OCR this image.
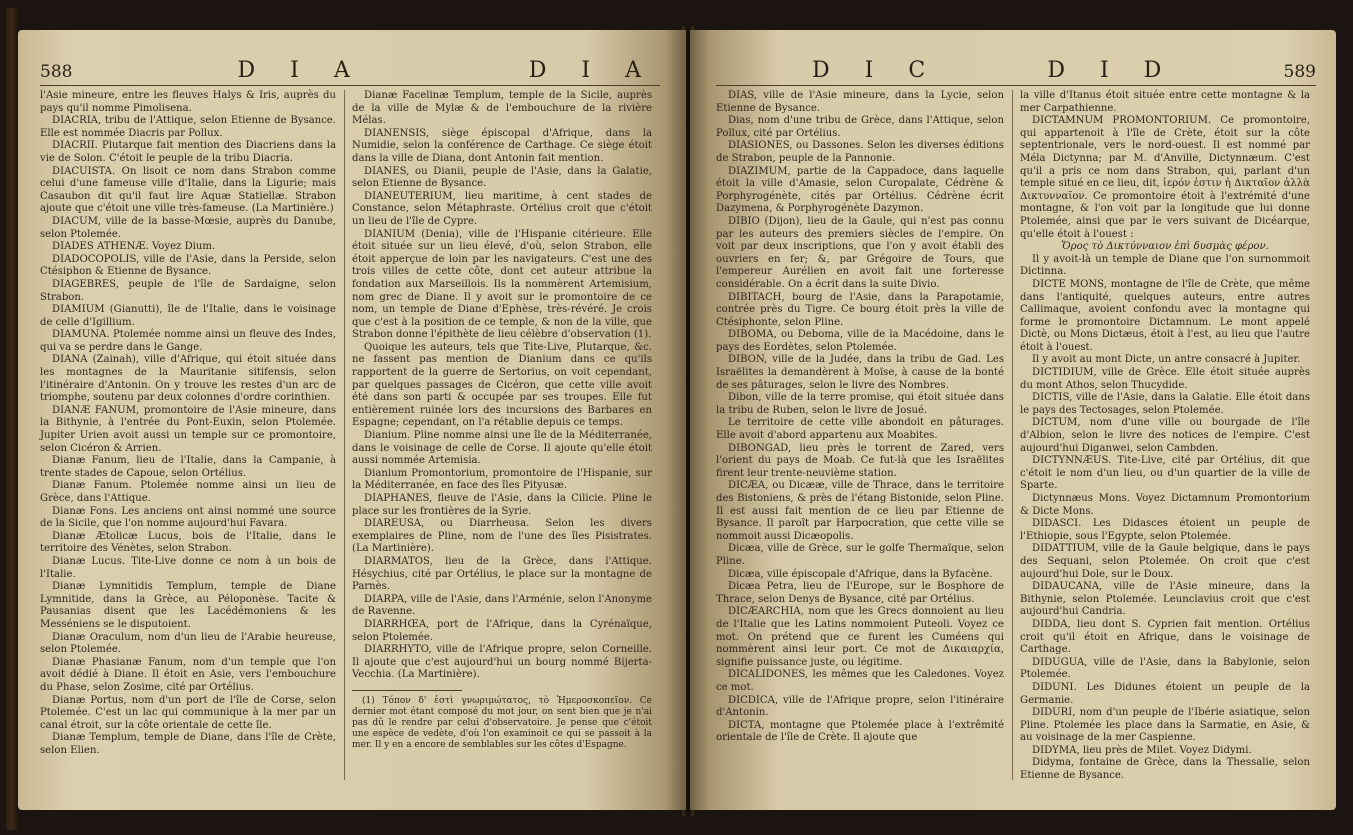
588	D I A	D I A

l'Asie mineure, entre les fleuves Halys & Iris, auprès du pays qu'il nomme Pimolisena.

DIACRIA, tribu de l'Attique, selon Etienne de Bysance. Elle est nommée Diacris par Pollux.

DIACRII. Plutarque fait mention des Diacriens dans la vie de Solon. C'étoit le peuple de la tribu Diacria.

DIACUISTA. On lisoit ce nom dans Strabon comme celui d'une fameuse ville d'Italie, dans la Ligurie; mais Casaubon dit qu'il faut lire Aquæ Statiellæ. Strabon ajoute que c'étoit une ville très-fameuse. (La Martinière.)

DIACUM, ville de la basse-Mœsie, auprès du Danube, selon Ptolemée.

DIADES ATHENÆ. Voyez Dium.

DIADOCOPOLIS, ville de l'Asie, dans la Perside, selon Ctésiphon & Etienne de Bysance.

DIAGEBRES, peuple de l'île de Sardaigne, selon Strabon.

DIAMIUM (Gianutti), île de l'Italie, dans le voisinage de celle d'Igillium.

DIAMUNA. Ptolemée nomme ainsi un fleuve des Indes, qui va se perdre dans le Gange.

DIANA (Zainah), ville d'Afrique, qui étoit située dans les montagnes de la Mauritanie sitifensis, selon l'itinéraire d'Antonin. On y trouve les restes d'un arc de triomphe, soutenu par deux colonnes d'ordre corinthien.

DIANÆ FANUM, promontoire de l'Asie mineure, dans la Bithynie, à l'entrée du Pont-Euxin, selon Ptolemée. Jupiter Urien avoit aussi un temple sur ce promontoire, selon Cicéron & Arrien.

Dianæ Fanum, lieu de l'Italie, dans la Campanie, à trente stades de Capoue, selon Ortélius.

Dianæ Fanum. Ptolemée nomme ainsi un lieu de Grèce, dans l'Attique.

Dianæ Fons. Les anciens ont ainsi nommé une source de la Sicile, que l'on nomme aujourd'hui Favara.

Dianæ Ætolicæ Lucus, bois de l'Italie, dans le territoire des Vénètes, selon Strabon.

Dianæ Lucus. Tite-Live donne ce nom à un bois de l'Italie.

Dianæ Lymnitidis Templum, temple de Diane Lymnitide, dans la Grèce, au Péloponèse. Tacite & Pausanias disent que les Lacédémoniens & les Messéniens se le disputoient.

Dianæ Oraculum, nom d'un lieu de l'Arabie heureuse, selon Ptolemée.

Dianæ Phasianæ Fanum, nom d'un temple que l'on avoit dédié à Diane. Il étoit en Asie, vers l'embouchure du Phase, selon Zosime, cité par Ortélius.

Dianæ Portus, nom d'un port de l'île de Corse, selon Ptolemée. C'est un lac qui communique à la mer par un canal étroit, sur la côte orientale de cette île.

Dianæ Templum, temple de Diane, dans l'île de Crète, selon Elien.

Dianæ Facelinæ Templum, temple de la Sicile, auprès de la ville de Mylæ & de l'embouchure de la rivière Mélas.

DIANENSIS, siège épiscopal d'Afrique, dans la Numidie, selon la conférence de Carthage. Ce siège étoit dans la ville de Diana, dont Antonin fait mention.

DIANES, ou Dianii, peuple de l'Asie, dans la Galatie, selon Etienne de Bysance.

DIANEUTERIUM, lieu maritime, à cent stades de Constance, selon Métaphraste. Ortélius croit que c'étoit un lieu de l'île de Cypre.

DIANIUM (Denia), ville de l'Hispanie citérieure. Elle étoit située sur un lieu élevé, d'où, selon Strabon, elle étoit apperçue de loin par les navigateurs. C'est une des trois villes de cette côte, dont cet auteur attribue la fondation aux Marseillois. Ils la nommèrent Artemisium, nom grec de Diane. Il y avoit sur le promontoire de ce nom, un temple de Diane d'Ephèse, très-révéré. Je crois que c'est à la position de ce temple, & non de la ville, que Strabon donne l'épithète de lieu célèbre d'observation (1).

Quoique les auteurs, tels que Tite-Live, Plutarque, &c. ne fassent pas mention de Dianium dans ce qu'ils rapportent de la guerre de Sertorius, on voit cependant, par quelques passages de Cicéron, que cette ville avoit été dans son parti & occupée par ses troupes. Elle fut entièrement ruinée lors des incursions des Barbares en Espagne; cependant, on l'a rétablie depuis ce temps.

Dianium. Pline nomme ainsi une île de la Méditerranée, dans le voisinage de celle de Corse. Il ajoute qu'elle étoit aussi nommée Artemisia.

Dianium Promontorium, promontoire de l'Hispanie, sur la Méditerranée, en face des îles Pityusæ.

DIAPHANES, fleuve de l'Asie, dans la Cilicie. Pline le place sur les frontières de la Syrie.

DIAREUSA, ou Diarrheusa. Selon les divers exemplaires de Pline, nom de l'une des îles Pisistrates. (La Martinière).

DIARMATOS, lieu de la Grèce, dans l'Attique. Hésychius, cité par Ortélius, le place sur la montagne de Parnès.

DIARPA, ville de l'Asie, dans l'Arménie, selon l'Anonyme de Ravenne.

DIARRHŒA, port de l'Afrique, dans la Cyrénaïque, selon Ptolemée.

DIARRHYTO, ville de l'Afrique propre, selon Corneille. Il ajoute que c'est aujourd'hui un bourg nommé Bijerta-Vecchia. (La Martinière).

(1) Τόπον δ' ἐστὶ γνωριμώτατος, τὸ Ἡμεροσκοπεῖον. Ce dernier mot étant composé du mot jour, on sent bien que je n'ai pas dû le rendre par celui d'observatoire. Je pense que c'étoit une espèce de vedète, d'où l'on examinoit ce qui se passoit à la mer. Il y en a encore de semblables sur les côtes d'Espagne.

D I C	D I D	589

DIAS, ville de l'Asie mineure, dans la Lycie, selon Etienne de Bysance.

Dias, nom d'une tribu de Grèce, dans l'Attique, selon Pollux, cité par Ortélius.

DIASIONES, ou Dassones. Selon les diverses éditions de Strabon, peuple de la Pannonie.

DIAZIMUM, partie de la Cappadoce, dans laquelle étoit la ville d'Amasie, selon Curopalate, Cédrène & Porphyrogénète, cités par Ortélius. Cédrène écrit Dazymena, & Porphyrogénète Dazymon.

DIBIO (Dijon), lieu de la Gaule, qui n'est pas connu par les auteurs des premiers siècles de l'empire. On voit par deux inscriptions, que l'on y avoit établi des ouvriers en fer; &, par Grégoire de Tours, que l'empereur Aurélien en avoit fait une forteresse considérable. On a écrit dans la suite Divio.

DIBITACH, bourg de l'Asie, dans la Parapotamie, contrée près du Tigre. Ce bourg étoit près la ville de Ctésiphonte, selon Pline.

DIBOMA, ou Deboma, ville de la Macédoine, dans le pays des Eordètes, selon Ptolemée.

DIBON, ville de la Judée, dans la tribu de Gad. Les Israëlites la demandèrent à Moïse, à cause de la bonté de ses pâturages, selon le livre des Nombres.

Dibon, ville de la terre promise, qui étoit située dans la tribu de Ruben, selon le livre de Josué.

Le territoire de cette ville abondoit en pâturages. Elle avoit d'abord appartenu aux Moabites.

DIBONGAD, lieu près le torrent de Zared, vers l'orient du pays de Moab. Ce fut-là que les Israëlites firent leur trente-neuvième station.

DICÆA, ou Dicææ, ville de Thrace, dans le territoire des Bistoniens, & près de l'étang Bistonide, selon Pline. Il est aussi fait mention de ce lieu par Etienne de Bysance. Il paroît par Harpocration, que cette ville se nommoit aussi Dicæopolis.

Dicæa, ville de Grèce, sur le golfe Thermaïque, selon Pline.

Dicæa, ville épiscopale d'Afrique, dans la Byfacène.

Dicæa Petra, lieu de l'Europe, sur le Bosphore de Thrace, selon Denys de Bysance, cité par Ortélius.

DICÆARCHIA, nom que les Grecs donnoient au lieu de l'Italie que les Latins nommoient Puteoli. Voyez ce mot. On prétend que ce furent les Cuméens qui nommèrent ainsi leur port. Ce mot de Δικαιαρχία, signifie puissance juste, ou légitime.

DICALIDONES, les mêmes que les Caledones. Voyez ce mot.

DICDICA, ville de l'Afrique propre, selon l'itinéraire d'Antonin.

DICTA, montagne que Ptolemée place à l'extrêmité orientale de l'île de Crète. Il ajoute que

la ville d'Itanus étoit située entre cette montagne & la mer Carpathienne.

DICTAMNUM PROMONTORIUM. Ce promontoire, qui appartenoit à l'île de Crète, étoit sur la côte septentrionale, vers le nord-ouest. Il est nommé par Méla Dictynna; par M. d'Anville, Dictynnæum. C'est qu'il a pris ce nom dans Strabon, qui, parlant d'un temple situé en ce lieu, dit, ἱερόν ἐστιν ἡ Δικταῖον ἀλλὰ Δικτυνναῖον. Ce promontoire étoit à l'extrémité d'une montagne, & l'on voit par la longitude que lui donne Ptolemée, ainsi que par le vers suivant de Dicéarque, qu'elle étoit à l'ouest :

Ὄρος τὸ Δικτύνναιον ἐπὶ δυσμὰς φέρον.

Il y avoit-là un temple de Diane que l'on surnommoit Dictinna.

DICTE MONS, montagne de l'île de Crète, que même dans l'antiquité, quelques auteurs, entre autres Callimaque, avoient confondu avec la montagne qui forme le promontoire Dictamnum. Le mont appelé Dictè, ou Mons Dictæus, étoit à l'est, au lieu que l'autre étoit à l'ouest.

Il y avoit au mont Dicte, un antre consacré à Jupiter.

DICTIDIUM, ville de Grèce. Elle étoit située auprès du mont Athos, selon Thucydide.

DICTIS, ville de l'Asie, dans la Galatie. Elle étoit dans le pays des Tectosages, selon Ptolemée.

DICTUM, nom d'une ville ou bourgade de l'île d'Albion, selon le livre des notices de l'empire. C'est aujourd'hui Diganwei, selon Cambden.

DICTYNNÆUS. Tite-Live, cité par Ortélius, dit que c'étoit le nom d'un lieu, ou d'un quartier de la ville de Sparte.

Dictynnæus Mons. Voyez Dictamnum Promontorium & Dicte Mons.

DIDASCI. Les Didasces étoient un peuple de l'Ethiopie, sous l'Egypte, selon Ptolemée.

DIDATTIUM, ville de la Gaule belgique, dans le pays des Sequani, selon Ptolemée. On croit que c'est aujourd'hui Dole, sur le Doux.

DIDAUCANA, ville de l'Asie mineure, dans la Bithynie, selon Ptolemée. Leunclavius croit que c'est aujourd'hui Candria.

DIDDA, lieu dont S. Cyprien fait mention. Ortélius croit qu'il étoit en Afrique, dans le voisinage de Carthage.

DIDUGUA, ville de l'Asie, dans la Babylonie, selon Ptolemée.

DIDUNI. Les Didunes étoient un peuple de la Germanie.

DIDURI, nom d'un peuple de l'Ibérie asiatique, selon Pline. Ptolemée les place dans la Sarmatie, en Asie, & au voisinage de la mer Caspienne.

DIDYMA, lieu près de Milet. Voyez Didymi.

Didyma, fontaine de Grèce, dans la Thessalie, selon Etienne de Bysance.
